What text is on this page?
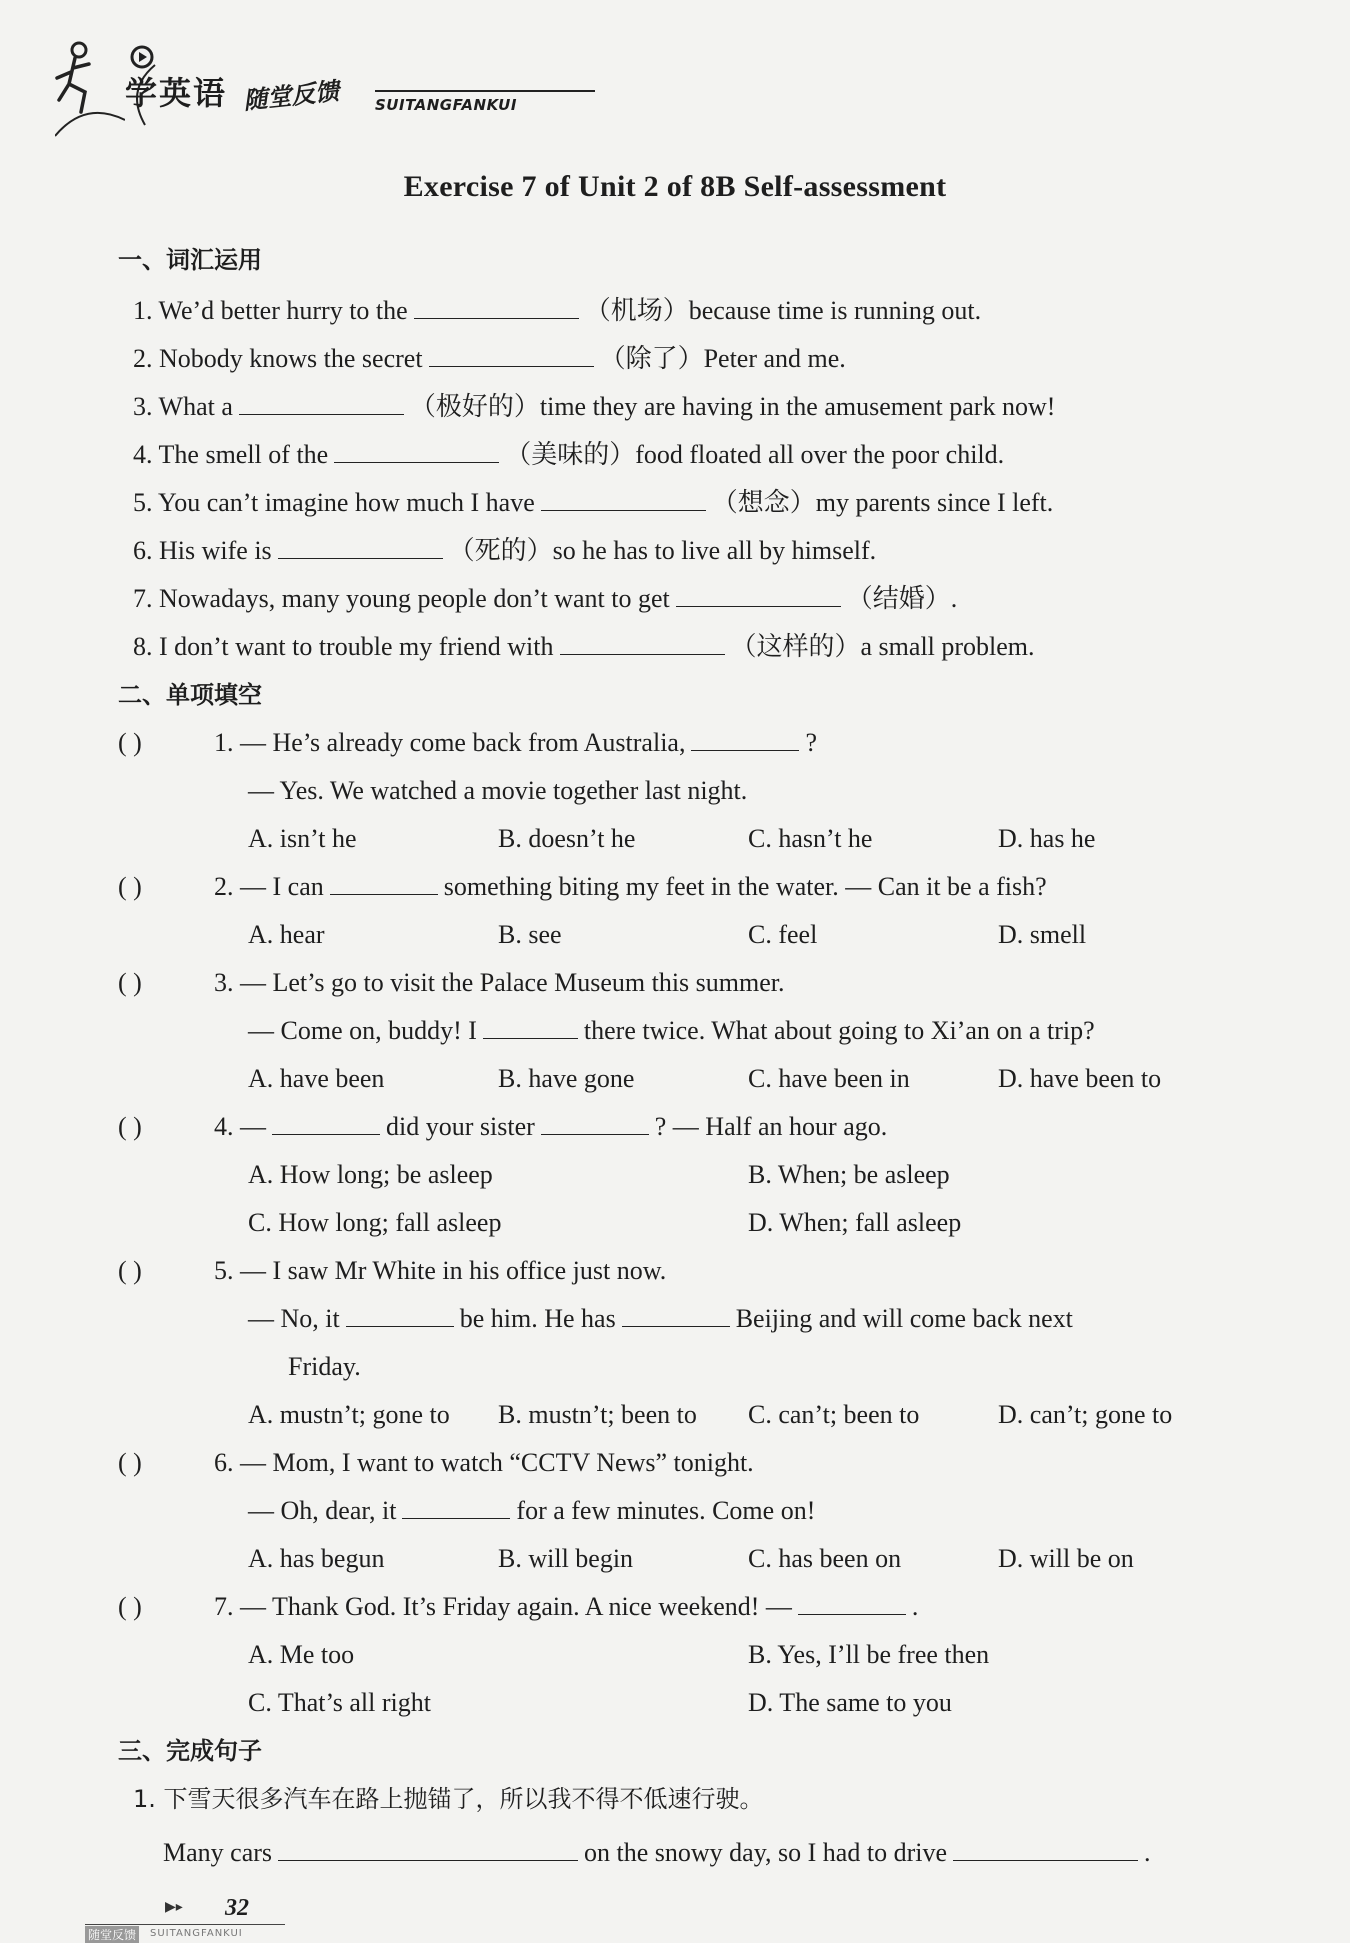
学英语 随堂反馈 SUITANGFANKUI
Exercise 7 of Unit 2 of 8B Self-assessment
一、词汇运用
1. We’d better hurry to the	（机场）because time is running out.
2. Nobody knows the secret	（除了）Peter and me.
3. What a	（极好的）time they are having in the amusement park now!
4. The smell of the	（美味的）food floated all over the poor child.
5. You can’t imagine how much I have	（想念）my parents since I left.
6. His wife is	（死的）so he has to live all by himself.
7. Nowadays, many young people don’t want to get	（结婚）.
8. I don’t want to trouble my friend with	（这样的）a small problem.
二、单项填空
( )	1. — He’s already come back from Australia,	?
— Yes. We watched a movie together last night.
A. isn’t he	B. doesn’t he	C. hasn’t he	D. has he
( )	2. — I can	something biting my feet in the water. — Can it be a fish?
A. hear	B. see	C. feel	D. smell
( )	3. — Let’s go to visit the Palace Museum this summer.
— Come on, buddy! I	there twice. What about going to Xi’an on a trip?
A. have been	B. have gone	C. have been in	D. have been to
( )	4. —	did your sister	? — Half an hour ago.
A. How long; be asleep	B. When; be asleep
C. How long; fall asleep	D. When; fall asleep
( )	5. — I saw Mr White in his office just now.
— No, it	be him. He has	Beijing and will come back next
Friday.
A. mustn’t; gone to B. mustn’t; been to C. can’t; been to	D. can’t; gone to
( )	6. — Mom, I want to watch “CCTV News” tonight.
— Oh, dear, it	for a few minutes. Come on!
A. has begun	B. will begin	C. has been on	D. will be on
( )	7. — Thank God. It’s Friday again. A nice weekend! —	.
A. Me too	B. Yes, I’ll be free then
C. That’s all right	D. The same to you
三、完成句子
1. 下雪天很多汽车在路上抛锚了，所以我不得不低速行驶。
Many cars	on the snowy day, so I had to drive	.
▶▸ 32
随堂反馈	SUITANGFANKUI
